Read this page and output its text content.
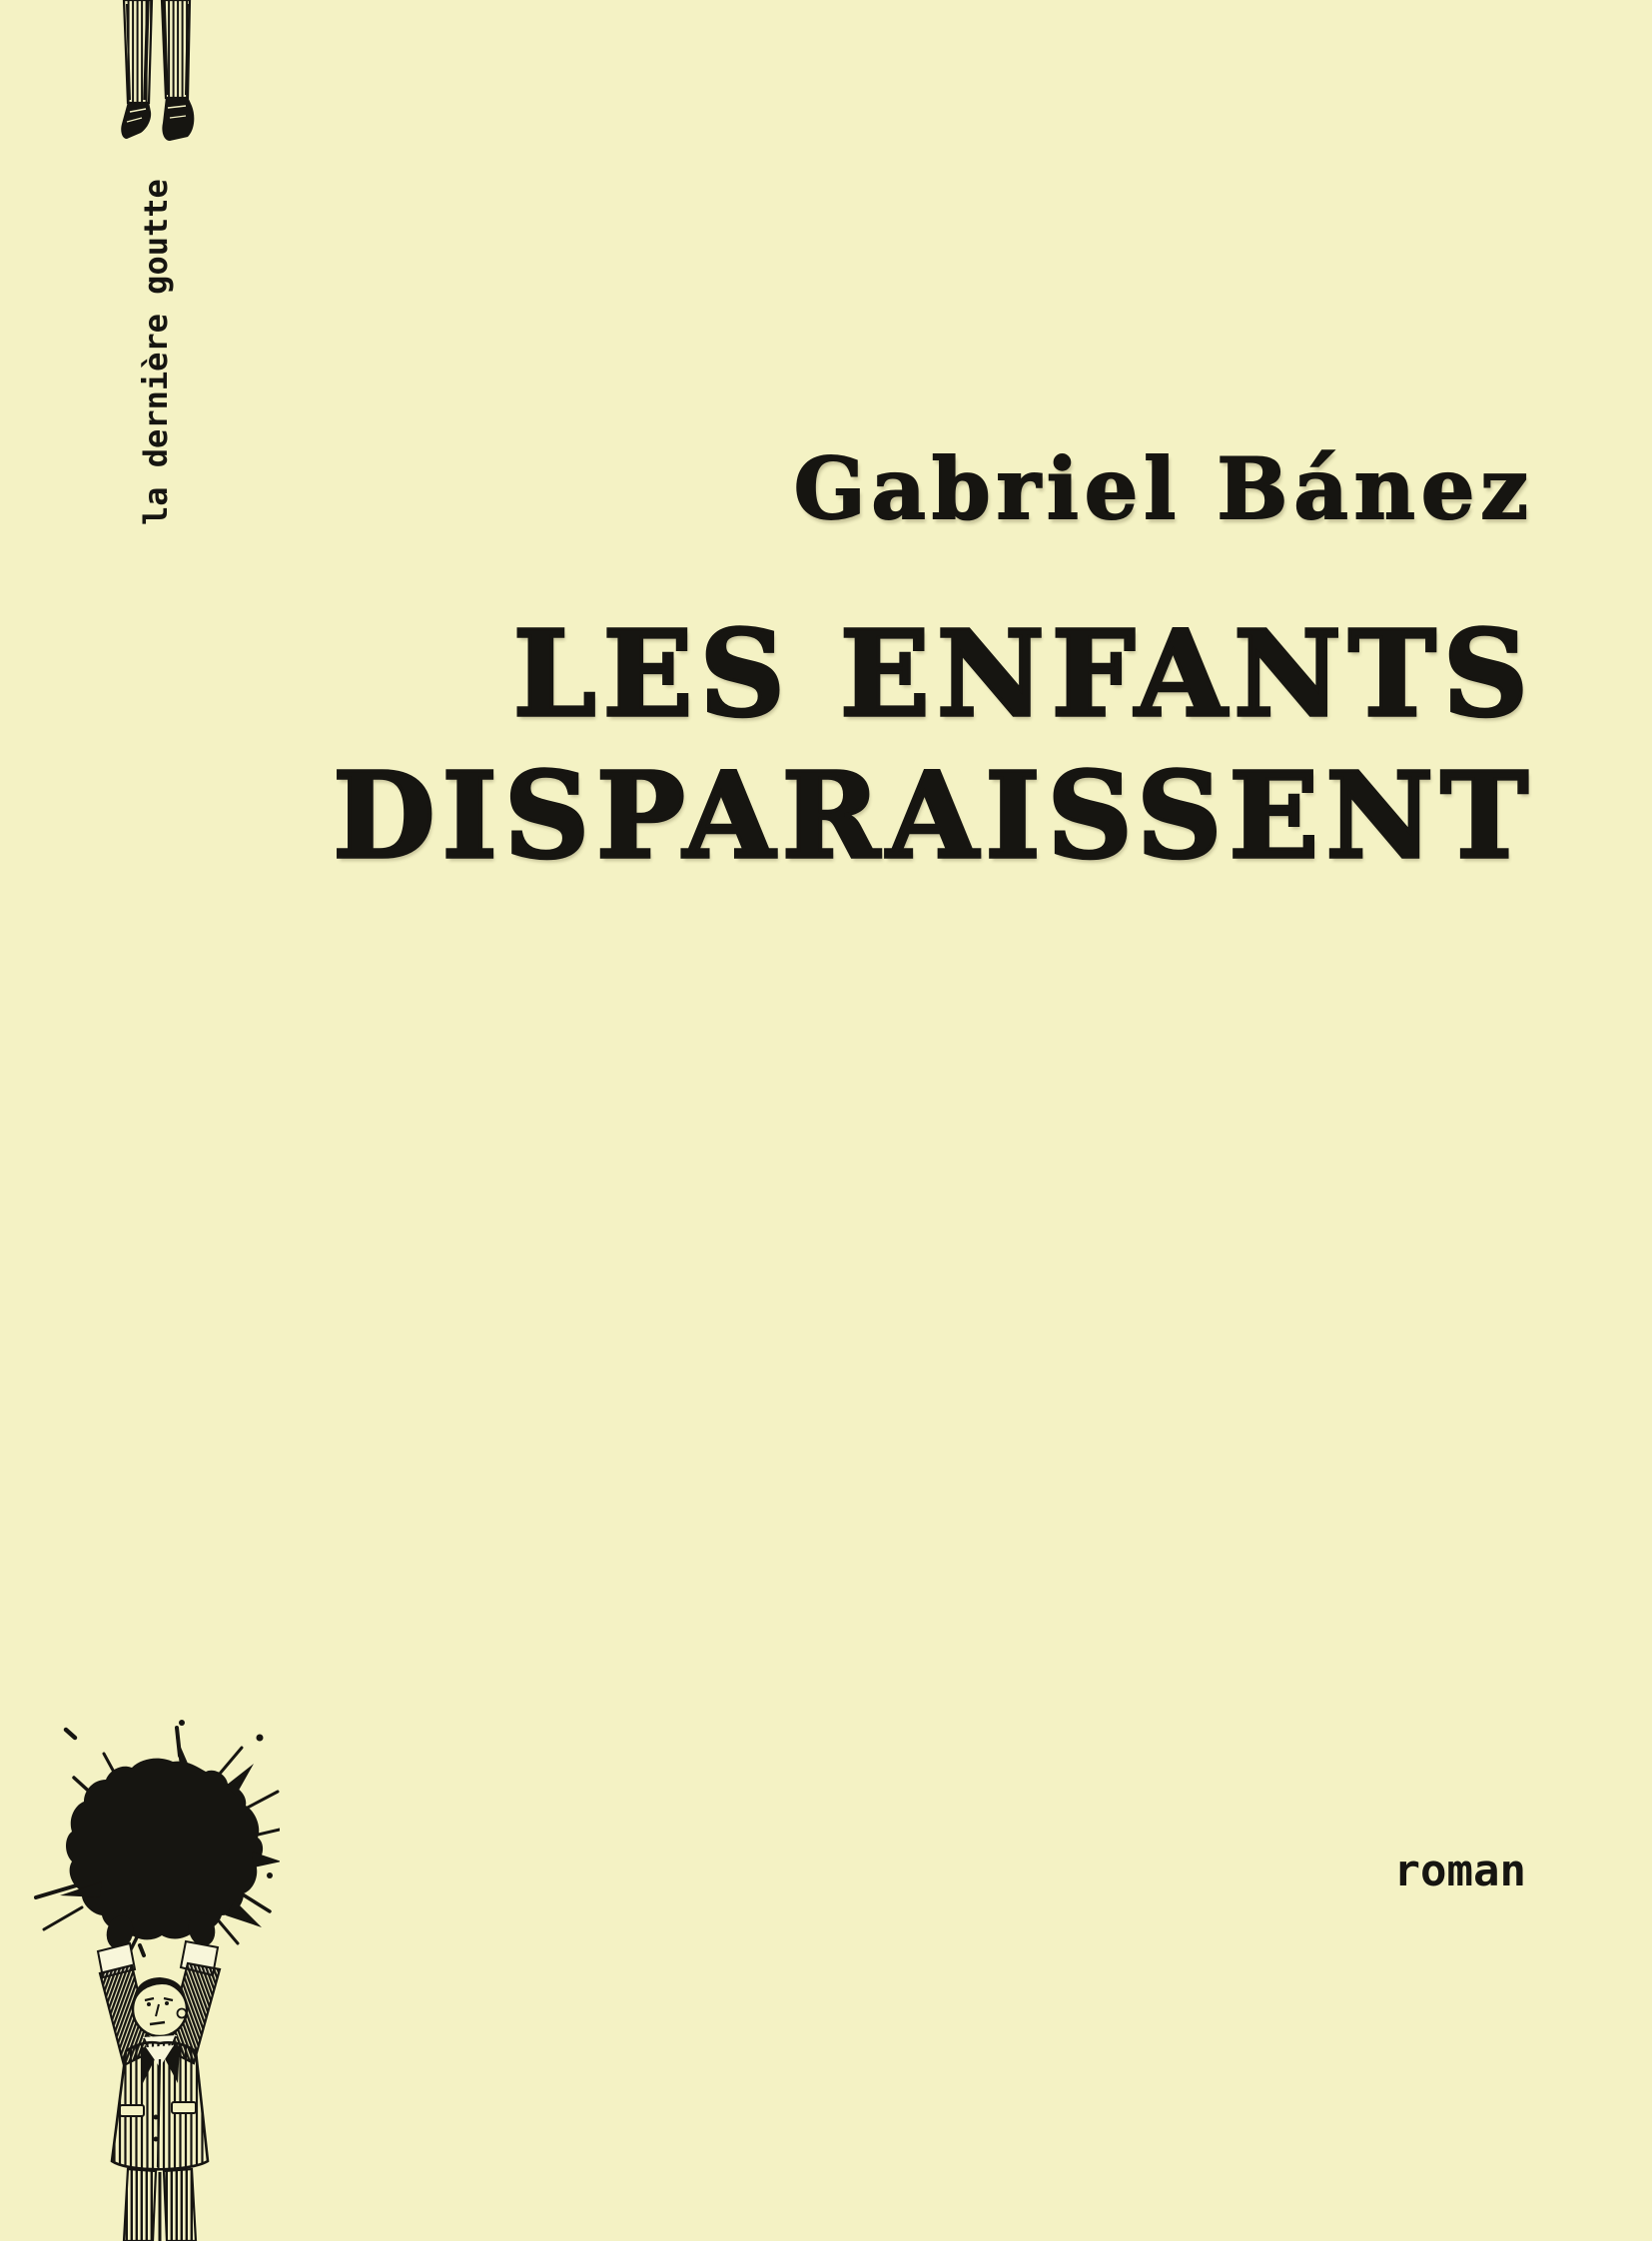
la dernière goutte	Gabriel Bánez
LES ENFANTS
DISPARAISSENT
roman
